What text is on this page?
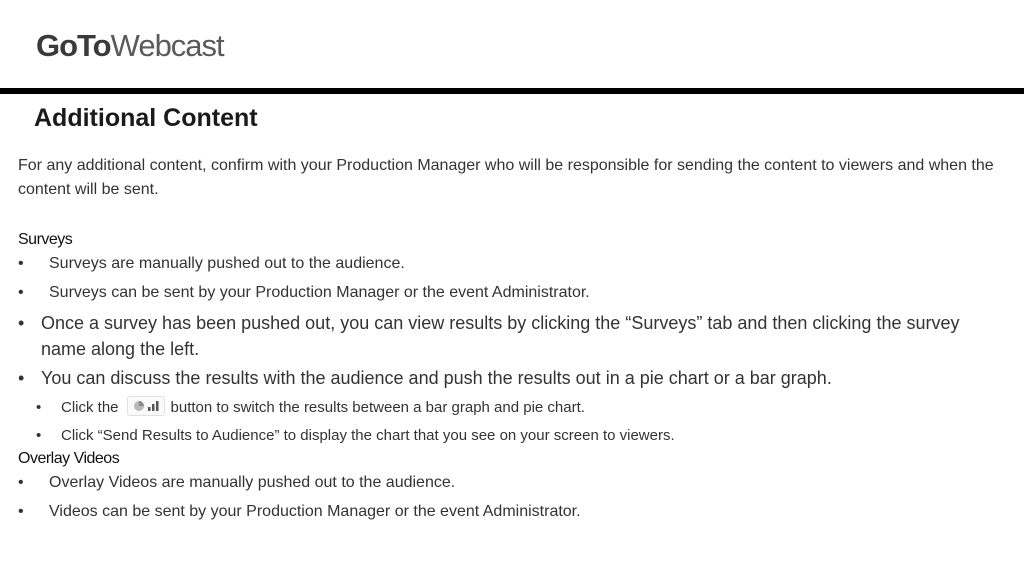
GoToWebcast
Additional Content

For any additional content, confirm with your Production Manager who will be responsible for sending the content to viewers and when the content will be sent.

Surveys
• Surveys are manually pushed out to the audience.
• Surveys can be sent by your Production Manager or the event Administrator.
• Once a survey has been pushed out, you can view results by clicking the “Surveys” tab and then clicking the survey name along the left.
• You can discuss the results with the audience and push the results out in a pie chart or a bar graph.
• Click the	button to switch the results between a bar graph and pie chart.
• Click “Send Results to Audience” to display the chart that you see on your screen to viewers.
Overlay Videos
• Overlay Videos are manually pushed out to the audience.
• Videos can be sent by your Production Manager or the event Administrator.
